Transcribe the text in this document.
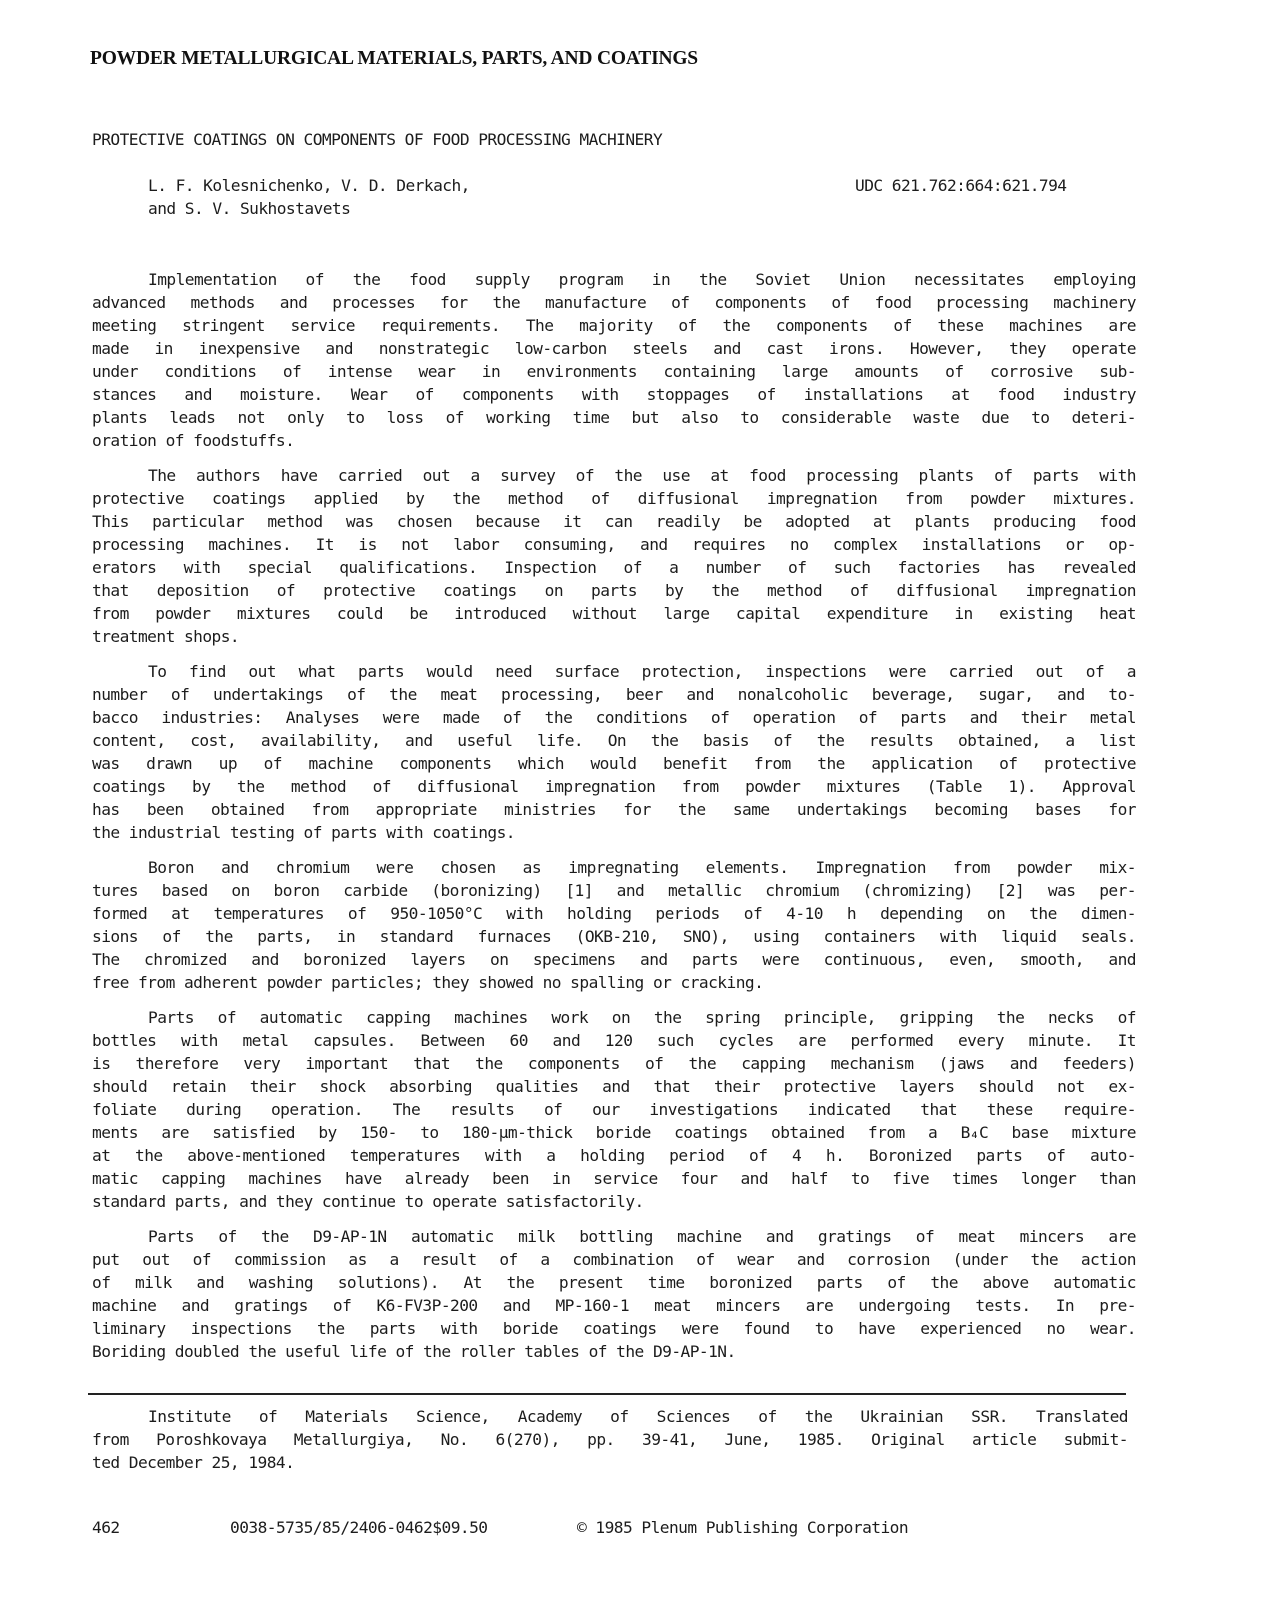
POWDER METALLURGICAL MATERIALS, PARTS, AND COATINGS
PROTECTIVE COATINGS ON COMPONENTS OF FOOD PROCESSING MACHINERY
L. F. Kolesnichenko, V. D. Derkach,
and S. V. Sukhostavets
UDC 621.762:664:621.794
Implementation of the food supply program in the Soviet Union necessitates employing
advanced methods and processes for the manufacture of components of food processing machinery
meeting stringent service requirements. The majority of the components of these machines are
made in inexpensive and nonstrategic low-carbon steels and cast irons. However, they operate
under conditions of intense wear in environments containing large amounts of corrosive sub-
stances and moisture. Wear of components with stoppages of installations at food industry
plants leads not only to loss of working time but also to considerable waste due to deteri-
oration of foodstuffs.
The authors have carried out a survey of the use at food processing plants of parts with
protective coatings applied by the method of diffusional impregnation from powder mixtures.
This particular method was chosen because it can readily be adopted at plants producing food
processing machines. It is not labor consuming, and requires no complex installations or op-
erators with special qualifications. Inspection of a number of such factories has revealed
that deposition of protective coatings on parts by the method of diffusional impregnation
from powder mixtures could be introduced without large capital expenditure in existing heat
treatment shops.
To find out what parts would need surface protection, inspections were carried out of a
number of undertakings of the meat processing, beer and nonalcoholic beverage, sugar, and to-
bacco industries: Analyses were made of the conditions of operation of parts and their metal
content, cost, availability, and useful life. On the basis of the results obtained, a list
was drawn up of machine components which would benefit from the application of protective
coatings by the method of diffusional impregnation from powder mixtures (Table 1). Approval
has been obtained from appropriate ministries for the same undertakings becoming bases for
the industrial testing of parts with coatings.
Boron and chromium were chosen as impregnating elements. Impregnation from powder mix-
tures based on boron carbide (boronizing) [1] and metallic chromium (chromizing) [2] was per-
formed at temperatures of 950-1050°C with holding periods of 4-10 h depending on the dimen-
sions of the parts, in standard furnaces (OKB-210, SNO), using containers with liquid seals.
The chromized and boronized layers on specimens and parts were continuous, even, smooth, and
free from adherent powder particles; they showed no spalling or cracking.
Parts of automatic capping machines work on the spring principle, gripping the necks of
bottles with metal capsules. Between 60 and 120 such cycles are performed every minute. It
is therefore very important that the components of the capping mechanism (jaws and feeders)
should retain their shock absorbing qualities and that their protective layers should not ex-
foliate during operation. The results of our investigations indicated that these require-
ments are satisfied by 150- to 180-μm-thick boride coatings obtained from a B₄C base mixture
at the above-mentioned temperatures with a holding period of 4 h. Boronized parts of auto-
matic capping machines have already been in service four and half to five times longer than
standard parts, and they continue to operate satisfactorily.
Parts of the D9-AP-1N automatic milk bottling machine and gratings of meat mincers are
put out of commission as a result of a combination of wear and corrosion (under the action
of milk and washing solutions). At the present time boronized parts of the above automatic
machine and gratings of K6-FV3P-200 and MP-160-1 meat mincers are undergoing tests. In pre-
liminary inspections the parts with boride coatings were found to have experienced no wear.
Boriding doubled the useful life of the roller tables of the D9-AP-1N.
Institute of Materials Science, Academy of Sciences of the Ukrainian SSR. Translated
from Poroshkovaya Metallurgiya, No. 6(270), pp. 39-41, June, 1985. Original article submit-
ted December 25, 1984.
462	0038-5735/85/2406-0462$09.50	© 1985 Plenum Publishing Corporation
